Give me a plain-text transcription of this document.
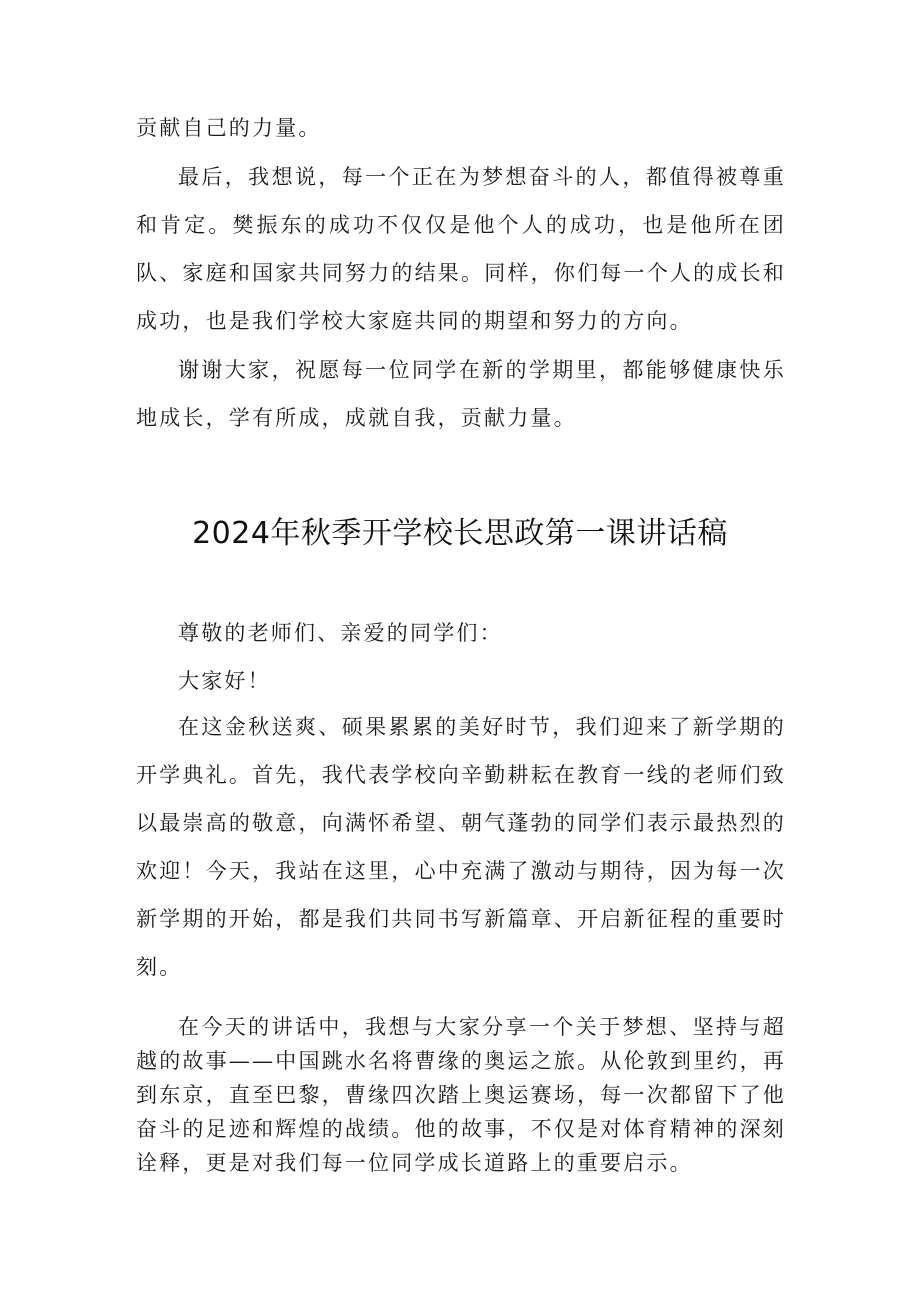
贡献自己的力量。

最后，我想说，每一个正在为梦想奋斗的人，都值得被尊重和肯定。樊振东的成功不仅仅是他个人的成功，也是他所在团队、家庭和国家共同努力的结果。同样，你们每一个人的成长和成功，也是我们学校大家庭共同的期望和努力的方向。

谢谢大家，祝愿每一位同学在新的学期里，都能够健康快乐地成长，学有所成，成就自我，贡献力量。

2024年秋季开学校长思政第一课讲话稿

尊敬的老师们、亲爱的同学们：

大家好！

在这金秋送爽、硕果累累的美好时节，我们迎来了新学期的开学典礼。首先，我代表学校向辛勤耕耘在教育一线的老师们致以最崇高的敬意，向满怀希望、朝气蓬勃的同学们表示最热烈的欢迎！今天，我站在这里，心中充满了激动与期待，因为每一次新学期的开始，都是我们共同书写新篇章、开启新征程的重要时刻。

在今天的讲话中，我想与大家分享一个关于梦想、坚持与超越的故事——中国跳水名将曹缘的奥运之旅。从伦敦到里约，再到东京，直至巴黎，曹缘四次踏上奥运赛场，每一次都留下了他奋斗的足迹和辉煌的战绩。他的故事，不仅是对体育精神的深刻诠释，更是对我们每一位同学成长道路上的重要启示。
